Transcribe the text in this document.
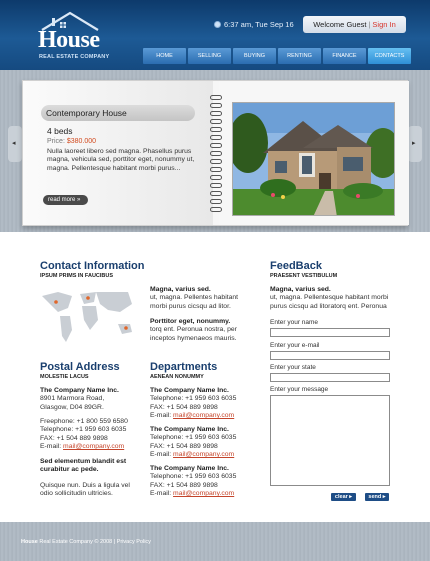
House
REAL ESTATE COMPANY
6:37 am, Tue Sep 16	Welcome Guest | Sign In
HOME	SELLING	BUYING	RENTING	FINANCE	CONTACTS
◂	▸
Contemporary House
4 beds
Price: $380.000
Nulla laoreet libero sed magna. Phasellus purus magna, vehicula sed, porttitor eget, nonummy ut, magna. Pellentesque habitant morbi purus...
read more »
Contact Information
IPSUM PRIMS IN FAUCIBUS
Magna, varius sed.
ut, magna. Pellentes habitant morbi purus cicsqu ad litor.
Porttitor eget, nonummy.
torq ent. Peronua nostra, per inceptos hymenaeos mauris.
Postal Address
MOLESTIE LACUS
The Company Name Inc.
8901 Marmora Road,
Glasgow, D04 89GR.
Freephone: +1 800 559 6580
Telephone: +1 959 603 6035
FAX: +1 504 889 9898
E-mail: mail@company.com
Sed elementum blandit est curabitur ac pede.
Quisque nun. Duis a ligula vel odio sollicitudin ultricies.
Departments
AENEAN NONUMMY
The Company Name Inc.
Telephone: +1 959 603 6035
FAX: +1 504 889 9898
E-mail: mail@company.com
The Company Name Inc.
Telephone: +1 959 603 6035
FAX: +1 504 889 9898
E-mail: mail@company.com
The Company Name Inc.
Telephone: +1 959 603 6035
FAX: +1 504 889 9898
E-mail: mail@company.com
FeedBack
PRAESENT VESTIBULUM
Magna, varius sed.
ut, magna. Pellentesque habitant morbi purus cicsqu ad litoratorq ent. Peronua
Enter your name
Enter your e-mail
Enter your state
Enter your message
clear ▸	send ▸
House Real Estate Company © 2008 | Privacy Policy
